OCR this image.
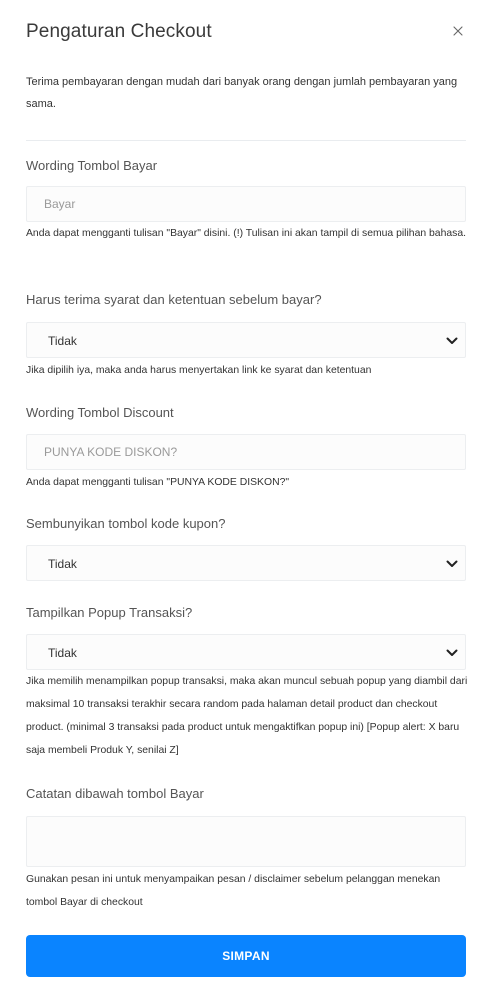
Pengaturan Checkout

Terima pembayaran dengan mudah dari banyak orang dengan jumlah pembayaran yang sama.

Wording Tombol Bayar
Bayar

Anda dapat mengganti tulisan "Bayar" disini. (!) Tulisan ini akan tampil di semua pilihan bahasa.

Harus terima syarat dan ketentuan sebelum bayar?
Tidak

Jika dipilih iya, maka anda harus menyertakan link ke syarat dan ketentuan

Wording Tombol Discount
PUNYA KODE DISKON?

Anda dapat mengganti tulisan "PUNYA KODE DISKON?"

Sembunyikan tombol kode kupon?
Tidak
Tampilkan Popup Transaksi?
Tidak

Jika memilih menampilkan popup transaksi, maka akan muncul sebuah popup yang diambil dari maksimal 10 transaksi terakhir secara random pada halaman detail product dan checkout product. (minimal 3 transaksi pada product untuk mengaktifkan popup ini) [Popup alert: X baru saja membeli Produk Y, senilai Z]

Catatan dibawah tombol Bayar

Gunakan pesan ini untuk menyampaikan pesan / disclaimer sebelum pelanggan menekan tombol Bayar di checkout

SIMPAN
